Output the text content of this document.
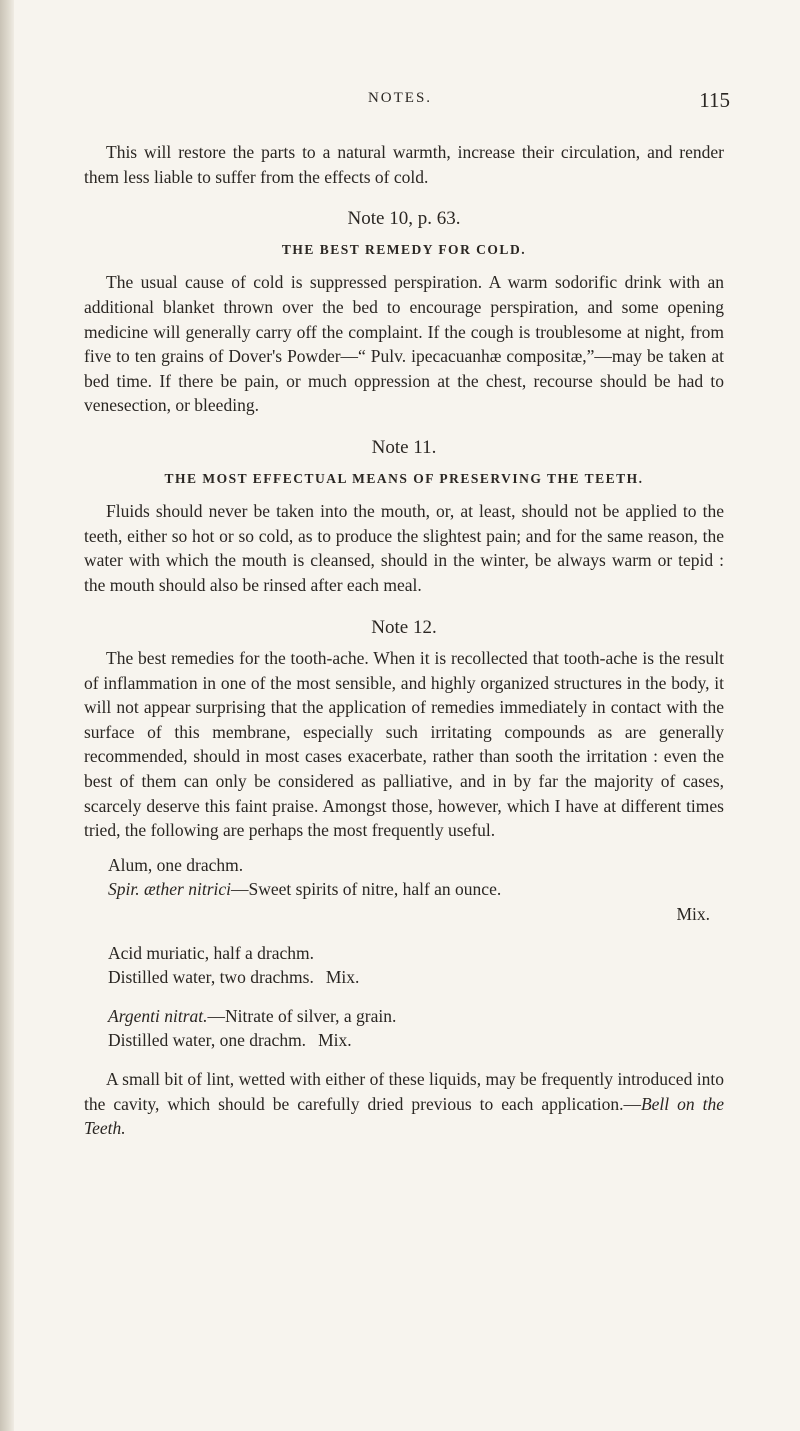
NOTES.	115

This will restore the parts to a natural warmth, increase their circulation, and render them less liable to suffer from the effects of cold.

Note 10, p. 63.
THE BEST REMEDY FOR COLD.

The usual cause of cold is suppressed perspiration. A warm sodorific drink with an additional blanket thrown over the bed to encourage perspiration, and some opening medicine will generally carry off the complaint. If the cough is troublesome at night, from five to ten grains of Dover's Powder—“ Pulv. ipecacuanhæ compositæ,”—may be taken at bed time. If there be pain, or much oppression at the chest, recourse should be had to venesection, or bleeding.

Note 11.
THE MOST EFFECTUAL MEANS OF PRESERVING THE TEETH.

Fluids should never be taken into the mouth, or, at least, should not be applied to the teeth, either so hot or so cold, as to produce the slightest pain; and for the same reason, the water with which the mouth is cleansed, should in the winter, be always warm or tepid : the mouth should also be rinsed after each meal.

Note 12.

The best remedies for the tooth-ache. When it is recollected that tooth-ache is the result of inflammation in one of the most sensible, and highly organized structures in the body, it will not appear surprising that the application of remedies immediately in contact with the surface of this membrane, especially such irritating compounds as are generally recommended, should in most cases exacerbate, rather than sooth the irritation : even the best of them can only be considered as palliative, and in by far the majority of cases, scarcely deserve this faint praise. Amongst those, however, which I have at different times tried, the following are perhaps the most frequently useful.

Alum, one drachm.

Spir. æther nitrici—Sweet spirits of nitre, half an ounce.

Mix.

Acid muriatic, half a drachm.

Distilled water, two drachms. Mix.

Argenti nitrat.—Nitrate of silver, a grain.

Distilled water, one drachm. Mix.

A small bit of lint, wetted with either of these liquids, may be frequently introduced into the cavity, which should be carefully dried previous to each application.—Bell on the Teeth.
